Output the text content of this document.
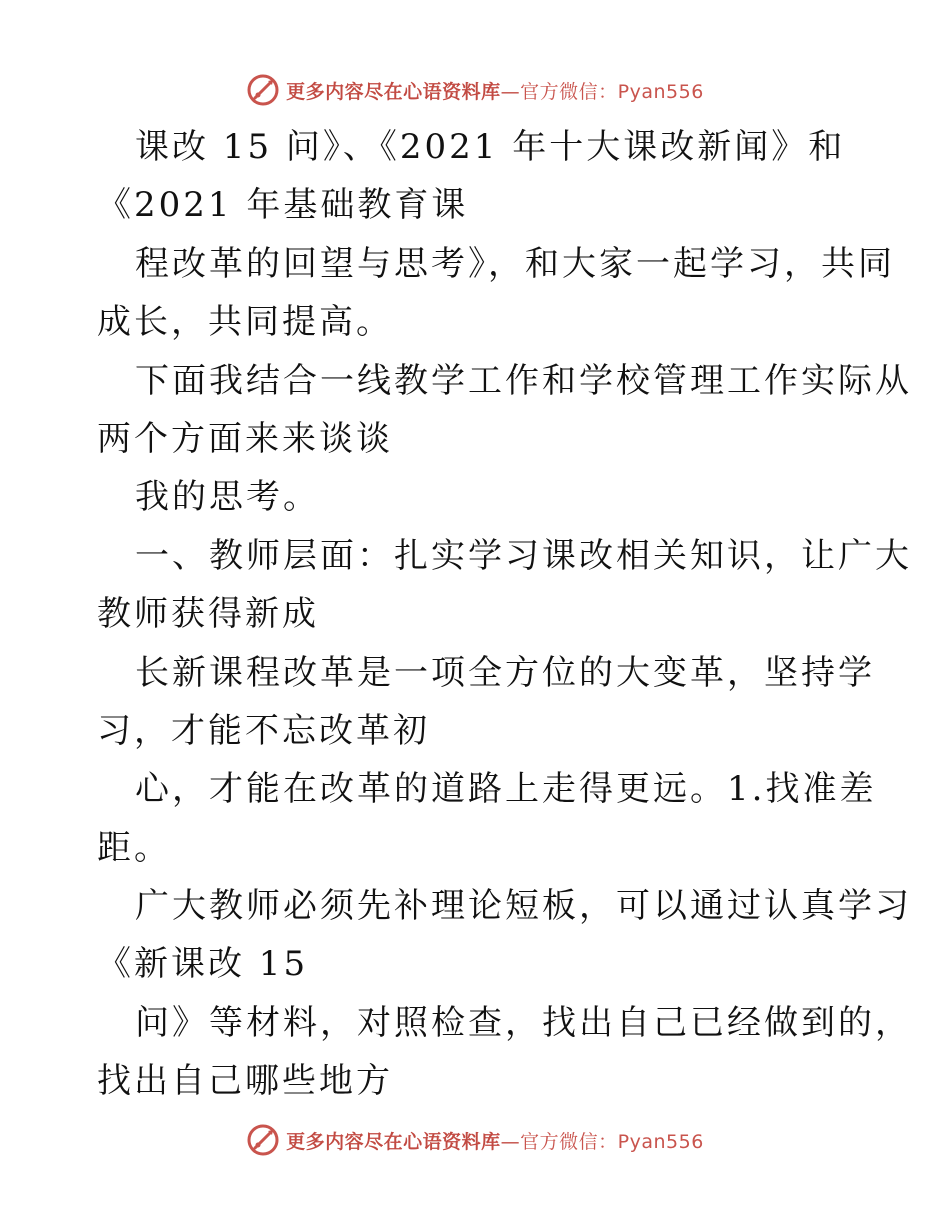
更多内容尽在心语资料库—官方微信：Pyan556
课改 15 问》、《2021 年十大课改新闻》和
《2021 年基础教育课
程改革的回望与思考》，和大家一起学习，共同
成长，共同提高。
下面我结合一线教学工作和学校管理工作实际从
两个方面来来谈谈
我的思考。
一、教师层面：扎实学习课改相关知识，让广大
教师获得新成
长新课程改革是一项全方位的大变革，坚持学
习，才能不忘改革初
心，才能在改革的道路上走得更远。1.找准差
距。
广大教师必须先补理论短板，可以通过认真学习
《新课改 15
问》等材料，对照检查，找出自己已经做到的，
找出自己哪些地方
更多内容尽在心语资料库—官方微信：Pyan556
